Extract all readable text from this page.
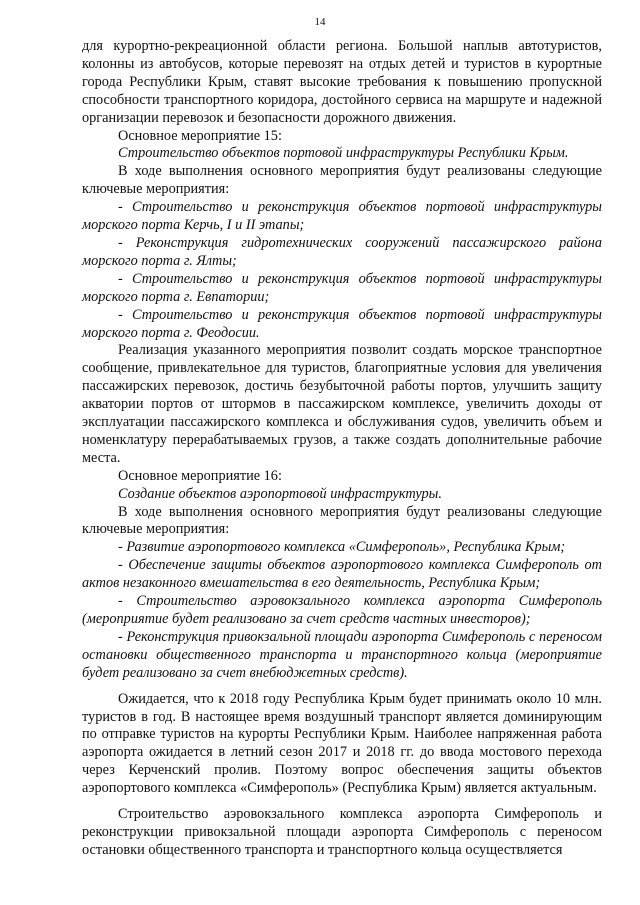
14

для курортно-рекреационной области региона. Большой наплыв автотуристов, колонны из автобусов, которые перевозят на отдых детей и туристов в курортные города Республики Крым, ставят высокие требования к повышению пропускной способности транспортного коридора, достойного сервиса на маршруте и надежной организации перевозок и безопасности дорожного движения.

Основное мероприятие 15:

Строительство объектов портовой инфраструктуры Республики Крым.

В ходе выполнения основного мероприятия будут реализованы следующие ключевые мероприятия:

- Строительство и реконструкция объектов портовой инфраструктуры морского порта Керчь, I и II этапы;

- Реконструкция гидротехнических сооружений пассажирского района морского порта г. Ялты;

- Строительство и реконструкция объектов портовой инфраструктуры морского порта г. Евпатории;

- Строительство и реконструкция объектов портовой инфраструктуры морского порта г. Феодосии.

Реализация указанного мероприятия позволит создать морское транспортное сообщение, привлекательное для туристов, благоприятные условия для увеличения пассажирских перевозок, достичь безубыточной работы портов, улучшить защиту акватории портов от штормов в пассажирском комплексе, увеличить доходы от эксплуатации пассажирского комплекса и обслуживания судов, увеличить объем и номенклатуру перерабатываемых грузов, а также создать дополнительные рабочие места.

Основное мероприятие 16:

Создание объектов аэропортовой инфраструктуры.

В ходе выполнения основного мероприятия будут реализованы следующие ключевые мероприятия:

- Развитие аэропортового комплекса «Симферополь», Республика Крым;

- Обеспечение защиты объектов аэропортового комплекса Симферополь от актов незаконного вмешательства в его деятельность, Республика Крым;

- Строительство аэровокзального комплекса аэропорта Симферополь (мероприятие будет реализовано за счет средств частных инвесторов);

- Реконструкция привокзальной площади аэропорта Симферополь с переносом остановки общественного транспорта и транспортного кольца (мероприятие будет реализовано за счет внебюджетных средств).

Ожидается, что к 2018 году Республика Крым будет принимать около 10 млн. туристов в год. В настоящее время воздушный транспорт является доминирующим по отправке туристов на курорты Республики Крым. Наиболее напряженная работа аэропорта ожидается в летний сезон 2017 и 2018 гг. до ввода мостового перехода через Керченский пролив. Поэтому вопрос обеспечения защиты объектов аэропортового комплекса «Симферополь» (Республика Крым) является актуальным.

Строительство аэровокзального комплекса аэропорта Симферополь и реконструкции привокзальной площади аэропорта Симферополь с переносом остановки общественного транспорта и транспортного кольца осуществляется
